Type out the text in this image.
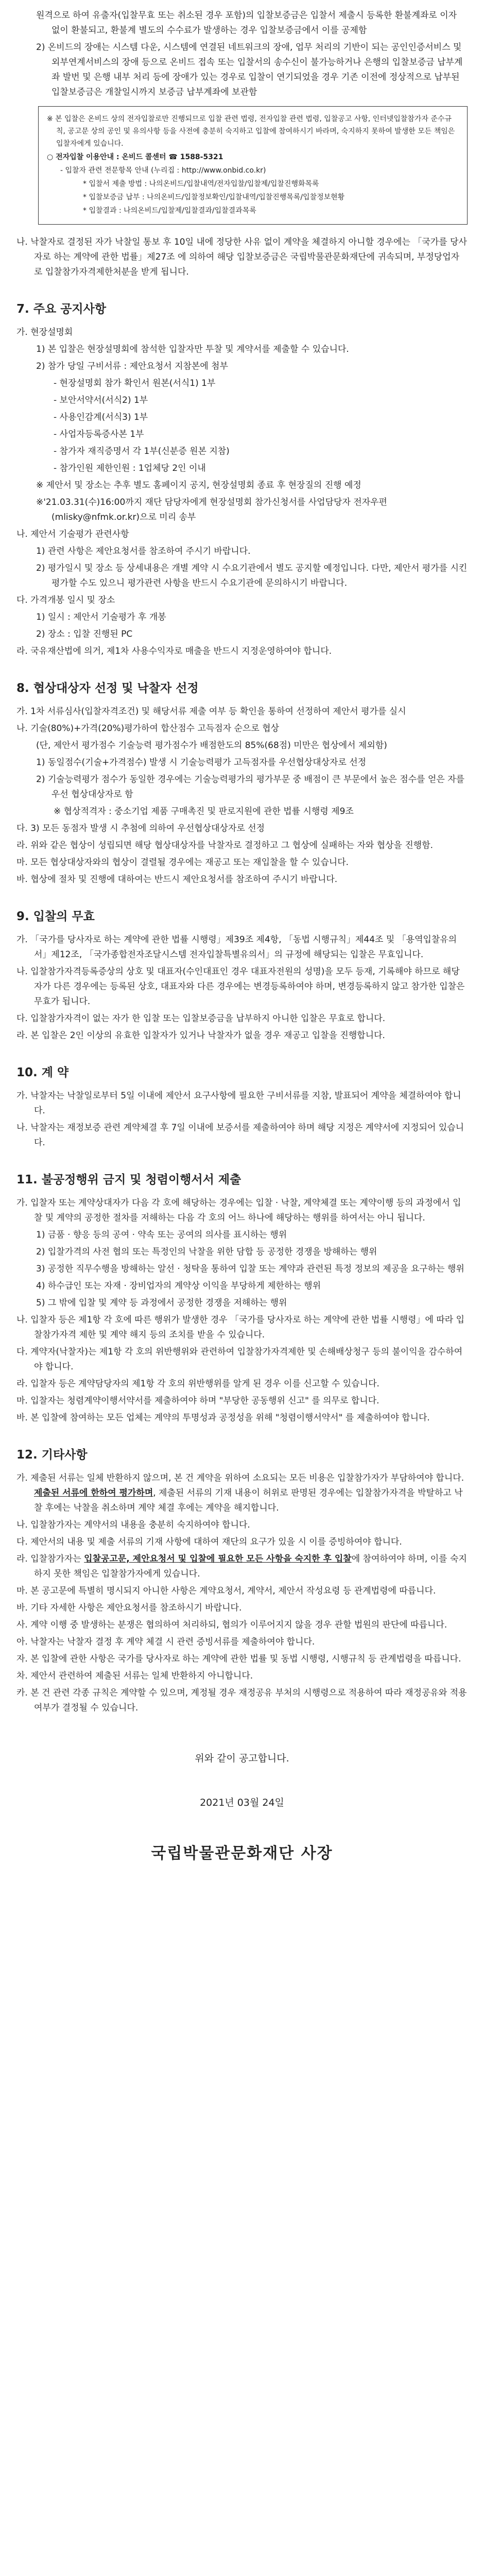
원격으로 하여 유출자(입찰무효 또는 취소된 경우 포함)의 입찰보증금은 입찰서 제출시 등록한 환불계좌로 이자 없이 환불되고, 환불계 별도의 수수료가 발생하는 경우 입찰보증금에서 이를 공제함

2) 온비드의 장애는 시스템 다운, 시스템에 연결된 네트워크의 장애, 업무 처리의 기반이 되는 공인인증서비스 및 외부연계서비스의 장애 등으로 온비드 접속 또는 입찰서의 송수신이 불가능하거나 은행의 입찰보증금 납부계좌 발번 및 은행 내부 처리 등에 장애가 있는 경우로 입찰이 연기되었을 경우 기존 이전에 정상적으로 납부된 입찰보증금은 개찰일시까지 보증금 납부계좌에 보관함

※ 본 입찰은 온비드 상의 전자입찰로만 진행되므로 입찰 관련 법령, 전자입찰 관련 법령, 입찰공고 사항, 인터넷입찰참가자 준수규칙, 공고문 상의 공인 및 유의사항 등을 사전에 충분히 숙지하고 입찰에 참여하시기 바라며, 숙지하지 못하여 발생한 모든 책임은 입찰자에게 있습니다.

○ 전자입찰 이용안내 : 온비드 콜센터 ☎ 1588-5321

- 입찰자 관련 전문항목 안내 (누리집 : http://www.onbid.co.kr)

* 입찰서 제출 방법 : 나의온비드/입찰내역/전자입찰/입찰제/입찰진행화목록

* 입찰보증금 납부 : 나의온비드/입찰정보확인/입찰내역/입찰진행목록/입찰정보현황

* 입찰결과 : 나의온비드/입찰제/입찰결과/입찰결과목록

나. 낙찰자로 결정된 자가 낙찰일 통보 후 10일 내에 정당한 사유 없이 계약을 체결하지 아니할 경우에는 「국가를 당사자로 하는 계약에 관한 법률」제27조 에 의하여 해당 입찰보증금은 국립박물관문화재단에 귀속되며, 부정당업자로 입찰참가자격제한처분을 받게 됩니다.

7. 주요 공지사항

가. 현장설명회

1) 본 입찰은 현장설명회에 참석한 입찰자만 투찰 및 계약서를 제출할 수 있습니다.

2) 참가 당일 구비서류 : 제안요청서 지참본에 첨부

- 현장설명회 참가 확인서 원본(서식1) 1부

- 보안서약서(서식2) 1부

- 사용인감계(서식3) 1부

- 사업자등록증사본 1부

- 참가자 재직증명서 각 1부(신분증 원본 지참)

- 참가인원 제한인원 : 1업체당 2인 이내

※ 제안서 및 장소는 추후 별도 홈페이지 공지, 현장설명회 종료 후 현장질의 진행 예정

※'21.03.31(수)16:00까지 재단 담당자에게 현장설명회 참가신청서를 사업담당자 전자우편(mlisky@nfmk.or.kr)으로 미리 송부

나. 제안서 기술평가 관련사항

1) 관련 사항은 제안요청서를 참조하여 주시기 바랍니다.

2) 평가일시 및 장소 등 상세내용은 개별 계약 시 수요기관에서 별도 공지할 예정입니다. 다만, 제안서 평가를 시킨 평가할 수도 있으니 평가관련 사항을 반드시 수요기관에 문의하시기 바랍니다.

다. 가격개봉 일시 및 장소

1) 일시 : 제안서 기술평가 후 개봉

2) 장소 : 입찰 진행된 PC

라. 국유재산법에 의거, 제1차 사용수익자로 매출을 반드시 지정운영하여야 합니다.

8. 협상대상자 선정 및 낙찰자 선정

가. 1차 서류심사(입찰자격조건) 및 해당서류 제출 여부 등 확인을 통하여 선정하여 제안서 평가를 실시

나. 기술(80%)+가격(20%)평가하여 합산점수 고득점자 순으로 협상

(단, 제안서 평가점수 기술능력 평가점수가 배점한도의 85%(68점) 미만은 협상에서 제외함)

1) 동일점수(기술+가격점수) 발생 시 기술능력평가 고득점자를 우선협상대상자로 선정

2) 기술능력평가 점수가 동일한 경우에는 기술능력평가의 평가부문 중 배점이 큰 부문에서 높은 점수를 얻은 자를 우선 협상대상자로 함

※ 협상적격자 : 중소기업 제품 구매촉진 및 판로지원에 관한 법률 시행령 제9조

다. 3) 모든 동점자 발생 시 추첨에 의하여 우선협상대상자로 선정

라. 위와 같은 협상이 성립되면 해당 협상대상자를 낙찰자로 결정하고 그 협상에 실패하는 자와 협상을 진행함.

마. 모든 협상대상자와의 협상이 결렬될 경우에는 재공고 또는 재입찰을 할 수 있습니다.

바. 협상에 절차 및 진행에 대하여는 반드시 제안요청서를 참조하여 주시기 바랍니다.

9. 입찰의 무효

가. 「국가를 당사자로 하는 계약에 관한 법률 시행령」제39조 제4항, 「동법 시행규칙」제44조 및 「용역입찰유의서」제12조, 「국가종합전자조달시스템 전자입찰특별유의서」의 규정에 해당되는 입찰은 무효입니다.

나. 입찰참가자격등록증상의 상호 및 대표자(수인대표인 경우 대표자전원의 성명)을 모두 등재, 기록해야 하므로 해당자가 다른 경우에는 등록된 상호, 대표자와 다른 경우에는 변경등록하여야 하며, 변경등록하지 않고 참가한 입찰은 무효가 됩니다.

다. 입찰참가자격이 없는 자가 한 입찰 또는 입찰보증금을 납부하지 아니한 입찰은 무효로 합니다.

라. 본 입찰은 2인 이상의 유효한 입찰자가 있거나 낙찰자가 없을 경우 재공고 입찰을 진행합니다.

10. 계 약

가. 낙찰자는 낙찰일로부터 5일 이내에 제안서 요구사항에 필요한 구비서류를 지참, 발표되어 계약을 체결하여야 합니다.

나. 낙찰자는 재정보증 관련 계약체결 후 7일 이내에 보증서를 제출하여야 하며 해당 지정은 계약서에 지정되어 있습니다.

11. 불공정행위 금지 및 청렴이행서서 제출

가. 입찰자 또는 계약상대자가 다음 각 호에 해당하는 경우에는 입찰 · 낙찰, 계약체결 또는 계약이행 등의 과정에서 입찰 및 계약의 공정한 절차를 저해하는 다음 각 호의 어느 하나에 해당하는 행위를 하여서는 아니 됩니다.

1) 금품 · 향응 등의 공여 · 약속 또는 공여의 의사를 표시하는 행위

2) 입찰가격의 사전 협의 또는 특정인의 낙찰을 위한 담합 등 공정한 경쟁을 방해하는 행위

3) 공정한 직무수행을 방해하는 알선 · 청탁을 통하여 입찰 또는 계약과 관련된 특정 정보의 제공을 요구하는 행위

4) 하수급인 또는 자재 · 장비업자의 계약상 이익을 부당하게 제한하는 행위

5) 그 밖에 입찰 및 계약 등 과정에서 공정한 경쟁을 저해하는 행위

나. 입찰자 등은 제1항 각 호에 따른 행위가 발생한 경우 「국가를 당사자로 하는 계약에 관한 법률 시행령」에 따라 입찰참가자격 제한 및 계약 해지 등의 조치를 받을 수 있습니다.

다. 계약자(낙찰자)는 제1항 각 호의 위반행위와 관련하여 입찰참가자격제한 및 손해배상청구 등의 불이익을 감수하여야 합니다.

라. 입찰자 등은 계약담당자의 제1항 각 호의 위반행위를 알게 된 경우 이를 신고할 수 있습니다.

마. 입찰자는 청렴계약이행서약서를 제출하여야 하며 "부당한 공동행위 신고" 를 의무로 합니다.

바. 본 입찰에 참여하는 모든 업체는 계약의 투명성과 공정성을 위해 "청렴이행서약서" 를 제출하여야 합니다.

12. 기타사항

가. 제출된 서류는 일체 반환하지 않으며, 본 건 계약을 위하여 소요되는 모든 비용은 입찰참가자가 부담하여야 합니다. 제출된 서류에 한하여 평가하며, 제출된 서류의 기재 내용이 허위로 판명된 경우에는 입찰참가자격을 박탈하고 낙찰 후에는 낙찰을 취소하며 계약 체결 후에는 계약을 해지합니다.

나. 입찰참가자는 계약서의 내용을 충분히 숙지하여야 합니다.

다. 제안서의 내용 및 제출 서류의 기재 사항에 대하여 재단의 요구가 있을 시 이를 증빙하여야 합니다.

라. 입찰참가자는 입찰공고문, 제안요청서 및 입찰에 필요한 모든 사항을 숙지한 후 입찰에 참여하여야 하며, 이를 숙지하지 못한 책임은 입찰참가자에게 있습니다.

마. 본 공고문에 특별히 명시되지 아니한 사항은 계약요청서, 계약서, 제안서 작성요령 등 관계법령에 따릅니다.

바. 기타 자세한 사항은 제안요청서를 참조하시기 바랍니다.

사. 계약 이행 중 발생하는 분쟁은 협의하여 처리하되, 협의가 이루어지지 않을 경우 관할 법원의 판단에 따릅니다.

아. 낙찰자는 낙찰자 결정 후 계약 체결 시 관련 증빙서류를 제출하여야 합니다.

자. 본 입찰에 관한 사항은 국가를 당사자로 하는 계약에 관한 법률 및 동법 시행령, 시행규칙 등 관계법령을 따릅니다.

차. 제안서 관련하여 제출된 서류는 일체 반환하지 아니합니다.

카. 본 건 관련 각종 규칙은 계약할 수 있으며, 계정될 경우 재정공유 부처의 시행령으로 적용하여 따라 재정공유와 적용여부가 결정될 수 있습니다.

위와 같이 공고합니다.
2021년 03월 24일
국립박물관문화재단 사장
